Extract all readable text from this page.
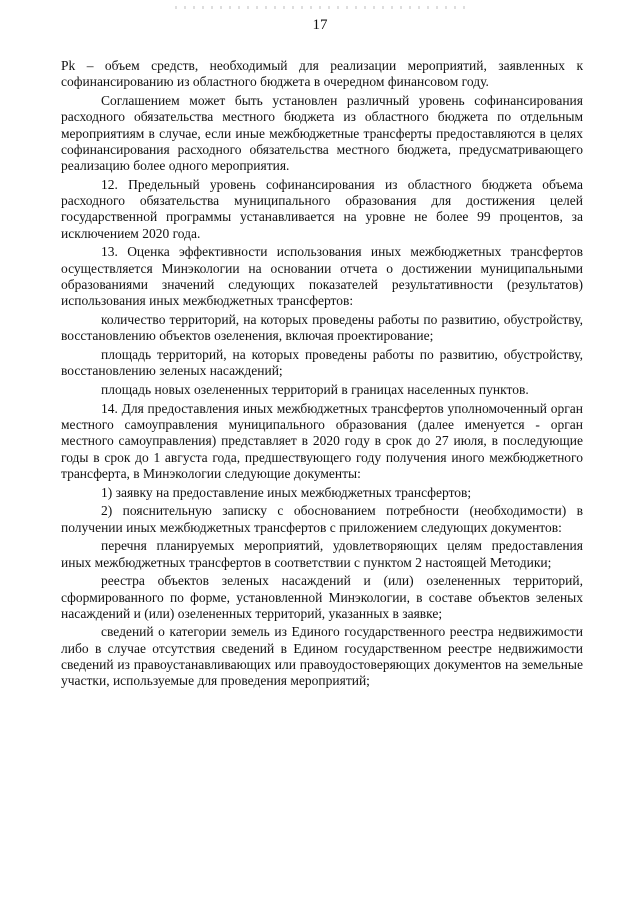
17

Pk – объем средств, необходимый для реализации мероприятий, заявленных к софинансированию из областного бюджета в очередном финансовом году.

Соглашением может быть установлен различный уровень софинансирования расходного обязательства местного бюджета из областного бюджета по отдельным мероприятиям в случае, если иные межбюджетные трансферты предоставляются в целях софинансирования расходного обязательства местного бюджета, предусматривающего реализацию более одного мероприятия.

12. Предельный уровень софинансирования из областного бюджета объема расходного обязательства муниципального образования для достижения целей государственной программы устанавливается на уровне не более 99 процентов, за исключением 2020 года.

13. Оценка эффективности использования иных межбюджетных трансфертов осуществляется Минэкологии на основании отчета о достижении муниципальными образованиями значений следующих показателей результативности (результатов) использования иных межбюджетных трансфертов:

количество территорий, на которых проведены работы по развитию, обустройству, восстановлению объектов озеленения, включая проектирование;

площадь территорий, на которых проведены работы по развитию, обустройству, восстановлению зеленых насаждений;

площадь новых озелененных территорий в границах населенных пунктов.

14. Для предоставления иных межбюджетных трансфертов уполномоченный орган местного самоуправления муниципального образования (далее именуется - орган местного самоуправления) представляет в 2020 году в срок до 27 июля, в последующие годы в срок до 1 августа года, предшествующего году получения иного межбюджетного трансферта, в Минэкологии следующие документы:

1) заявку на предоставление иных межбюджетных трансфертов;

2) пояснительную записку с обоснованием потребности (необходимости) в получении иных межбюджетных трансфертов с приложением следующих документов:

перечня планируемых мероприятий, удовлетворяющих целям предоставления иных межбюджетных трансфертов в соответствии с пунктом 2 настоящей Методики;

реестра объектов зеленых насаждений и (или) озелененных территорий, сформированного по форме, установленной Минэкологии, в составе объектов зеленых насаждений и (или) озелененных территорий, указанных в заявке;

сведений о категории земель из Единого государственного реестра недвижимости либо в случае отсутствия сведений в Едином государственном реестре недвижимости сведений из правоустанавливающих или правоудостоверяющих документов на земельные участки, используемые для проведения мероприятий;
